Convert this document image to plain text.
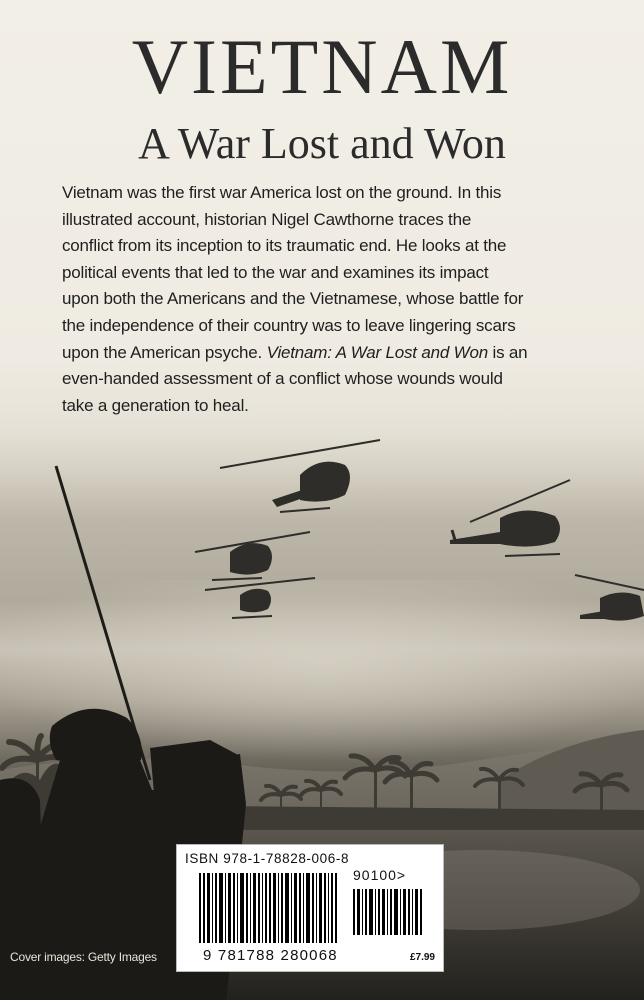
VIETNAM
A War Lost and Won
Vietnam was the first war America lost on the ground. In this
illustrated account, historian Nigel Cawthorne traces the
conflict from its inception to its traumatic end. He looks at the
political events that led to the war and examines its impact
upon both the Americans and the Vietnamese, whose battle for
the independence of their country was to leave lingering scars
upon the American psyche. Vietnam: A War Lost and Won is an
even-handed assessment of a conflict whose wounds would
take a generation to heal.
ISBN 978-1-78828-006-8
90100>
9 781788 280068	£7.99
Cover images: Getty Images
